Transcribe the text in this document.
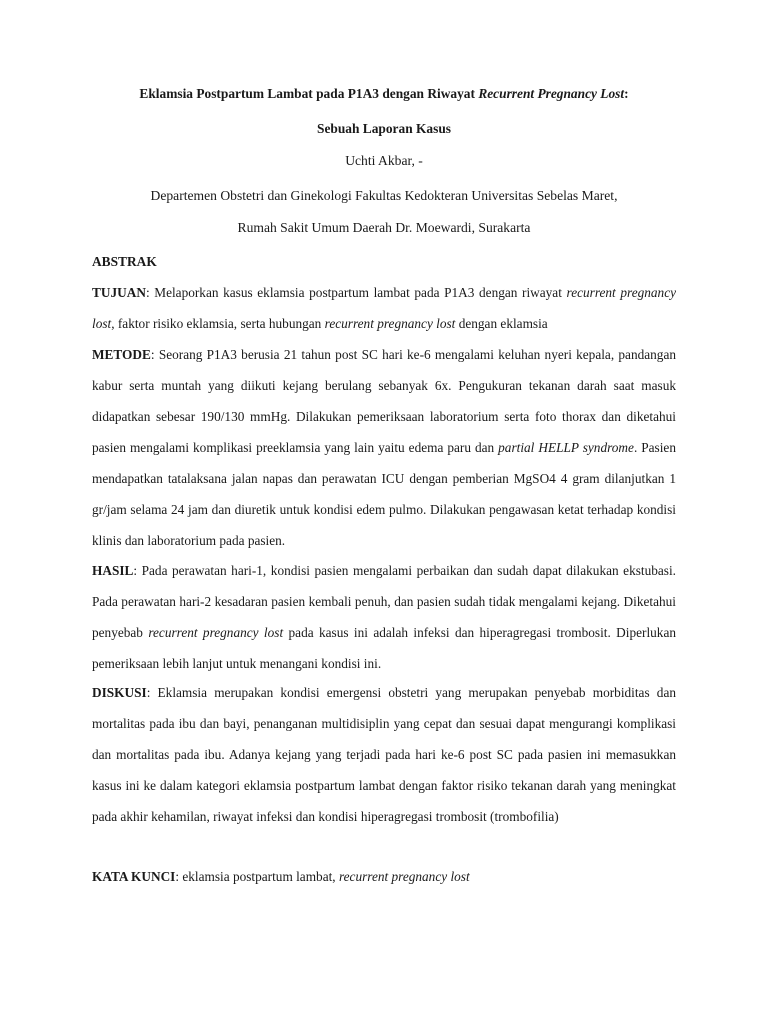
Eklamsia Postpartum Lambat pada P1A3 dengan Riwayat Recurrent Pregnancy Lost:
Sebuah Laporan Kasus
Uchti Akbar, -
Departemen Obstetri dan Ginekologi Fakultas Kedokteran Universitas Sebelas Maret,
Rumah Sakit Umum Daerah Dr. Moewardi, Surakarta
ABSTRAK

TUJUAN: Melaporkan kasus eklamsia postpartum lambat pada P1A3 dengan riwayat recurrent pregnancy lost, faktor risiko eklamsia, serta hubungan recurrent pregnancy lost dengan eklamsia

METODE: Seorang P1A3 berusia 21 tahun post SC hari ke-6 mengalami keluhan nyeri kepala, pandangan kabur serta muntah yang diikuti kejang berulang sebanyak 6x. Pengukuran tekanan darah saat masuk didapatkan sebesar 190/130 mmHg. Dilakukan pemeriksaan laboratorium serta foto thorax dan diketahui pasien mengalami komplikasi preeklamsia yang lain yaitu edema paru dan partial HELLP syndrome. Pasien mendapatkan tatalaksana jalan napas dan perawatan ICU dengan pemberian MgSO4 4 gram dilanjutkan 1 gr/jam selama 24 jam dan diuretik untuk kondisi edem pulmo. Dilakukan pengawasan ketat terhadap kondisi klinis dan laboratorium pada pasien.

HASIL: Pada perawatan hari-1, kondisi pasien mengalami perbaikan dan sudah dapat dilakukan ekstubasi. Pada perawatan hari-2 kesadaran pasien kembali penuh, dan pasien sudah tidak mengalami kejang. Diketahui penyebab recurrent pregnancy lost pada kasus ini adalah infeksi dan hiperagregasi trombosit. Diperlukan pemeriksaan lebih lanjut untuk menangani kondisi ini.

DISKUSI: Eklamsia merupakan kondisi emergensi obstetri yang merupakan penyebab morbiditas dan mortalitas pada ibu dan bayi, penanganan multidisiplin yang cepat dan sesuai dapat mengurangi komplikasi dan mortalitas pada ibu. Adanya kejang yang terjadi pada hari ke-6 post SC pada pasien ini memasukkan kasus ini ke dalam kategori eklamsia postpartum lambat dengan faktor risiko tekanan darah yang meningkat pada akhir kehamilan, riwayat infeksi dan kondisi hiperagregasi trombosit (trombofilia)

KATA KUNCI: eklamsia postpartum lambat, recurrent pregnancy lost
